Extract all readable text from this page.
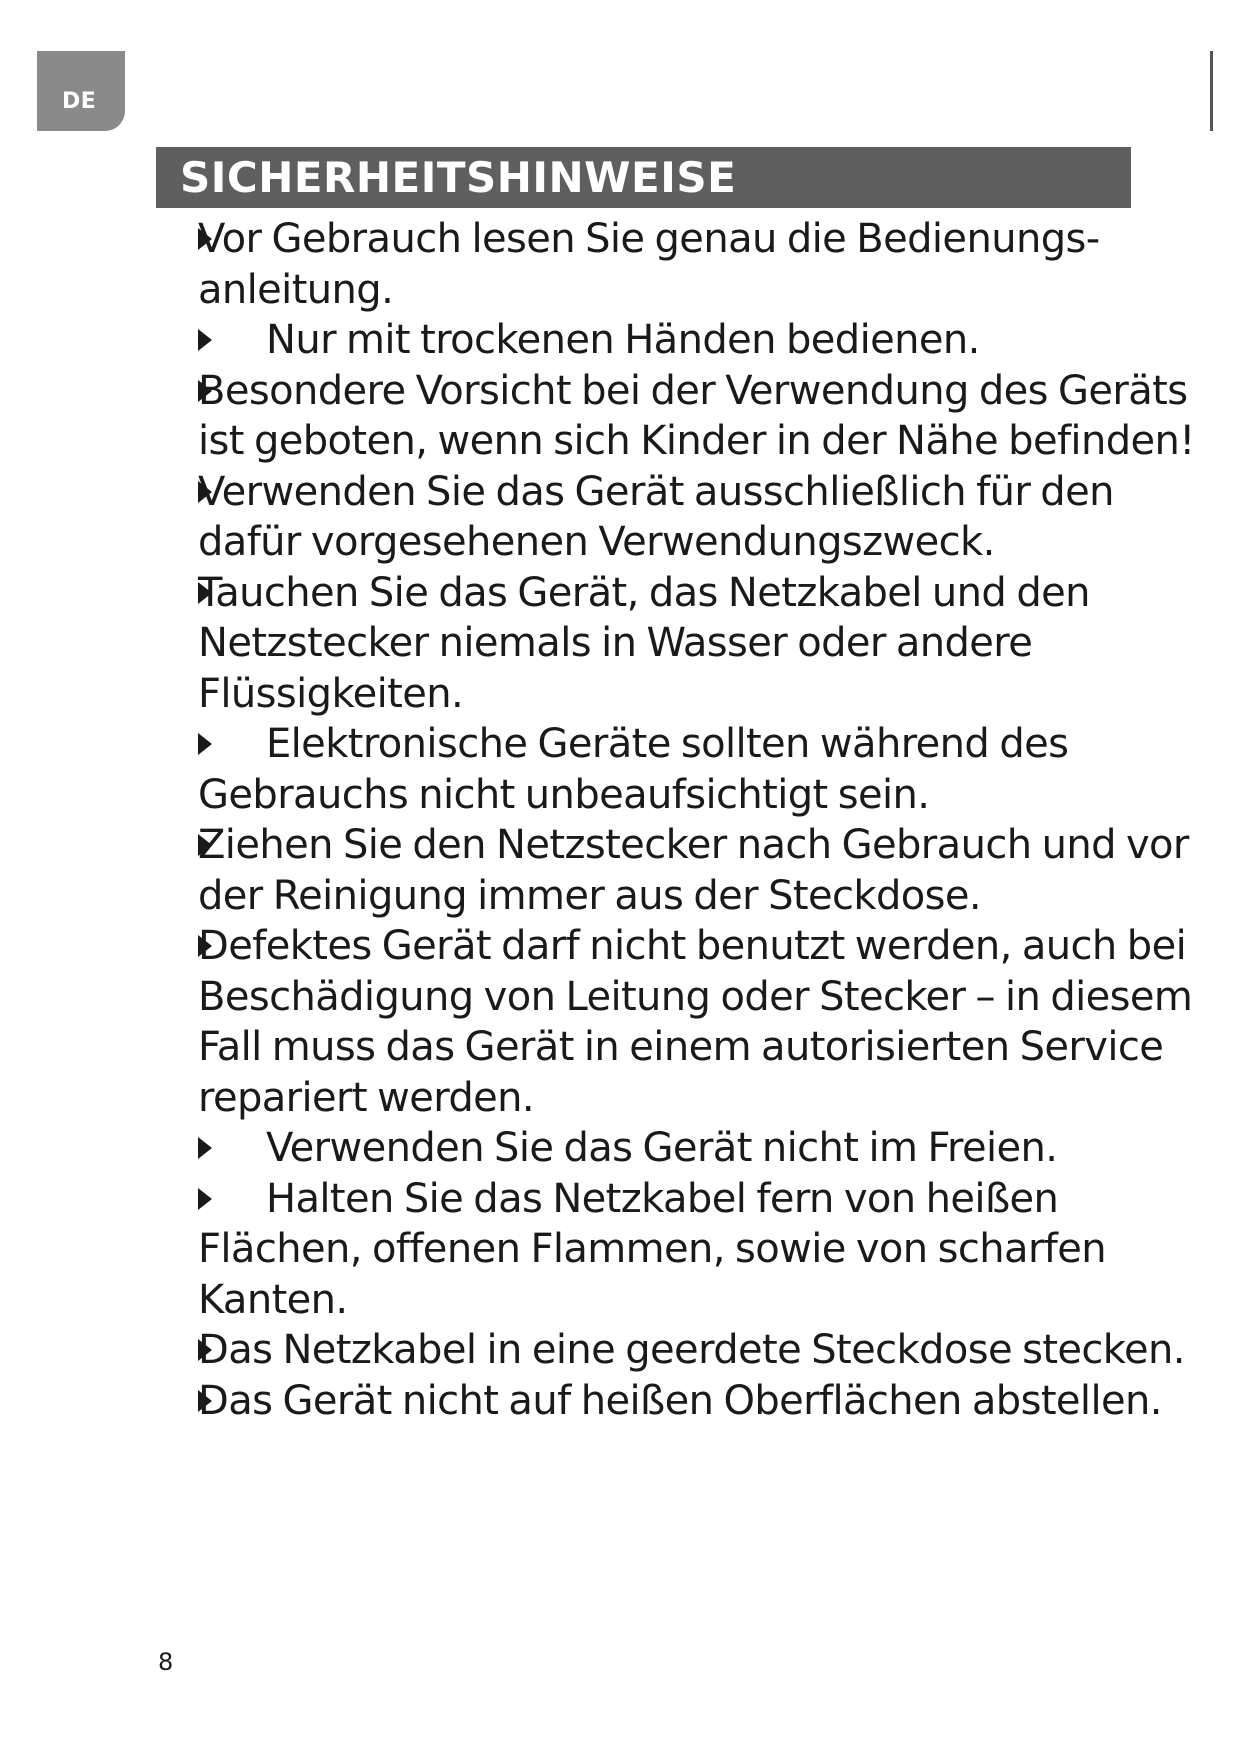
DE
SICHERHEITSHINWEISE
Vor Gebrauch lesen Sie genau die Bedienungs-anleitung.
Nur mit trockenen Händen bedienen.
Besondere Vorsicht bei der Verwendung des Geräts ist geboten, wenn sich Kinder in der Nähe befinden!
Verwenden Sie das Gerät ausschließlich für den dafür vorgesehenen Verwendungszweck.
Tauchen Sie das Gerät, das Netzkabel und den Netzstecker niemals in Wasser oder andere Flüssigkeiten.
Elektronische Geräte sollten während des Gebrauchs nicht unbeaufsichtigt sein.
Ziehen Sie den Netzstecker nach Gebrauch und vor der Reinigung immer aus der Steckdose.
Defektes Gerät darf nicht benutzt werden, auch bei Beschädigung von Leitung oder Stecker – in diesem Fall muss das Gerät in einem autorisierten Service repariert werden.
Verwenden Sie das Gerät nicht im Freien.
Halten Sie das Netzkabel fern von heißen Flächen, offenen Flammen, sowie von scharfen Kanten.
Das Netzkabel in eine geerdete Steckdose stecken.
Das Gerät nicht auf heißen Oberflächen abstellen.
8
